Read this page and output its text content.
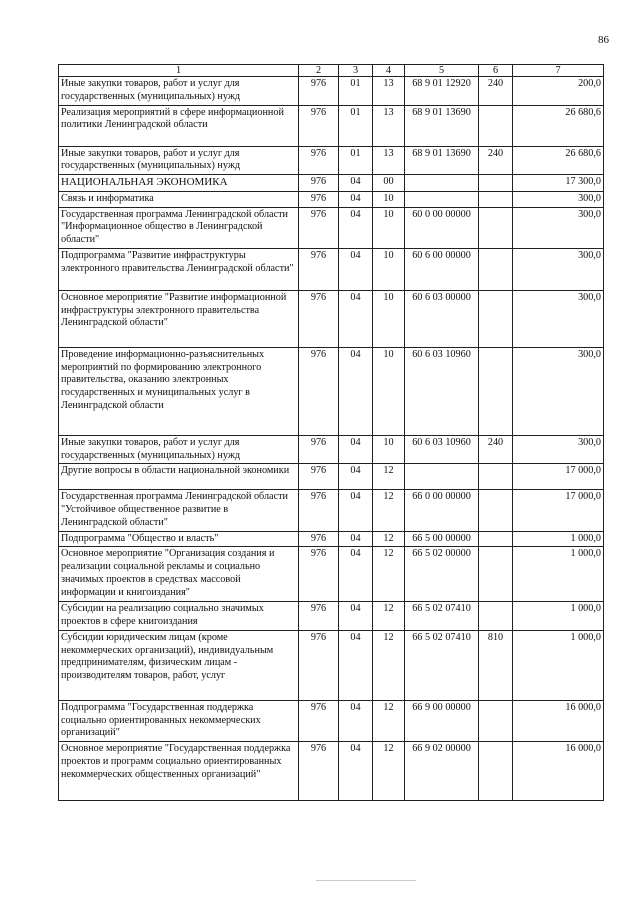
86
1	2	3	4	5	6	7
Иные закупки товаров, работ и услуг для государственных (муниципальных) нужд	976	01	13	68 9 01 12920	240	200,0
Реализация мероприятий в сфере информационной политики Ленинградской области	976	01	13	68 9 01 13690		26 680,6
Иные закупки товаров, работ и услуг для государственных (муниципальных) нужд	976	01	13	68 9 01 13690	240	26 680,6
НАЦИОНАЛЬНАЯ ЭКОНОМИКА	976	04	00			17 300,0
Связь и информатика	976	04	10			300,0
Государственная программа Ленинградской области "Информационное общество в Ленинградской области"	976	04	10	60 0 00 00000		300,0
Подпрограмма "Развитие инфраструктуры электронного правительства Ленинградской области"	976	04	10	60 6 00 00000		300,0
Основное мероприятие "Развитие информационной инфраструктуры электронного правительства Ленинградской области"	976	04	10	60 6 03 00000		300,0
Проведение информационно-разъяснительных мероприятий по формированию электронного правительства, оказанию электронных государственных и муниципальных услуг в Ленинградской области	976	04	10	60 6 03 10960		300,0
Иные закупки товаров, работ и услуг для государственных (муниципальных) нужд	976	04	10	60 6 03 10960	240	300,0
Другие вопросы в области национальной экономики	976	04	12			17 000,0
Государственная программа Ленинградской области "Устойчивое общественное развитие в Ленинградской области"	976	04	12	66 0 00 00000		17 000,0
Подпрограмма "Общество и власть"	976	04	12	66 5 00 00000		1 000,0
Основное мероприятие "Организация создания и реализации социальной рекламы и социально значимых проектов в средствах массовой информации и книгоиздания"	976	04	12	66 5 02 00000		1 000,0
Субсидии на реализацию социально значимых проектов в сфере книгоиздания	976	04	12	66 5 02 07410		1 000,0
Субсидии юридическим лицам (кроме некоммерческих организаций), индивидуальным предпринимателям, физическим лицам - производителям товаров, работ, услуг	976	04	12	66 5 02 07410	810	1 000,0
Подпрограмма "Государственная поддержка социально ориентированных некоммерческих организаций"	976	04	12	66 9 00 00000		16 000,0
Основное мероприятие "Государственная поддержка проектов и программ социально ориентированных некоммерческих общественных организаций"	976	04	12	66 9 02 00000		16 000,0
